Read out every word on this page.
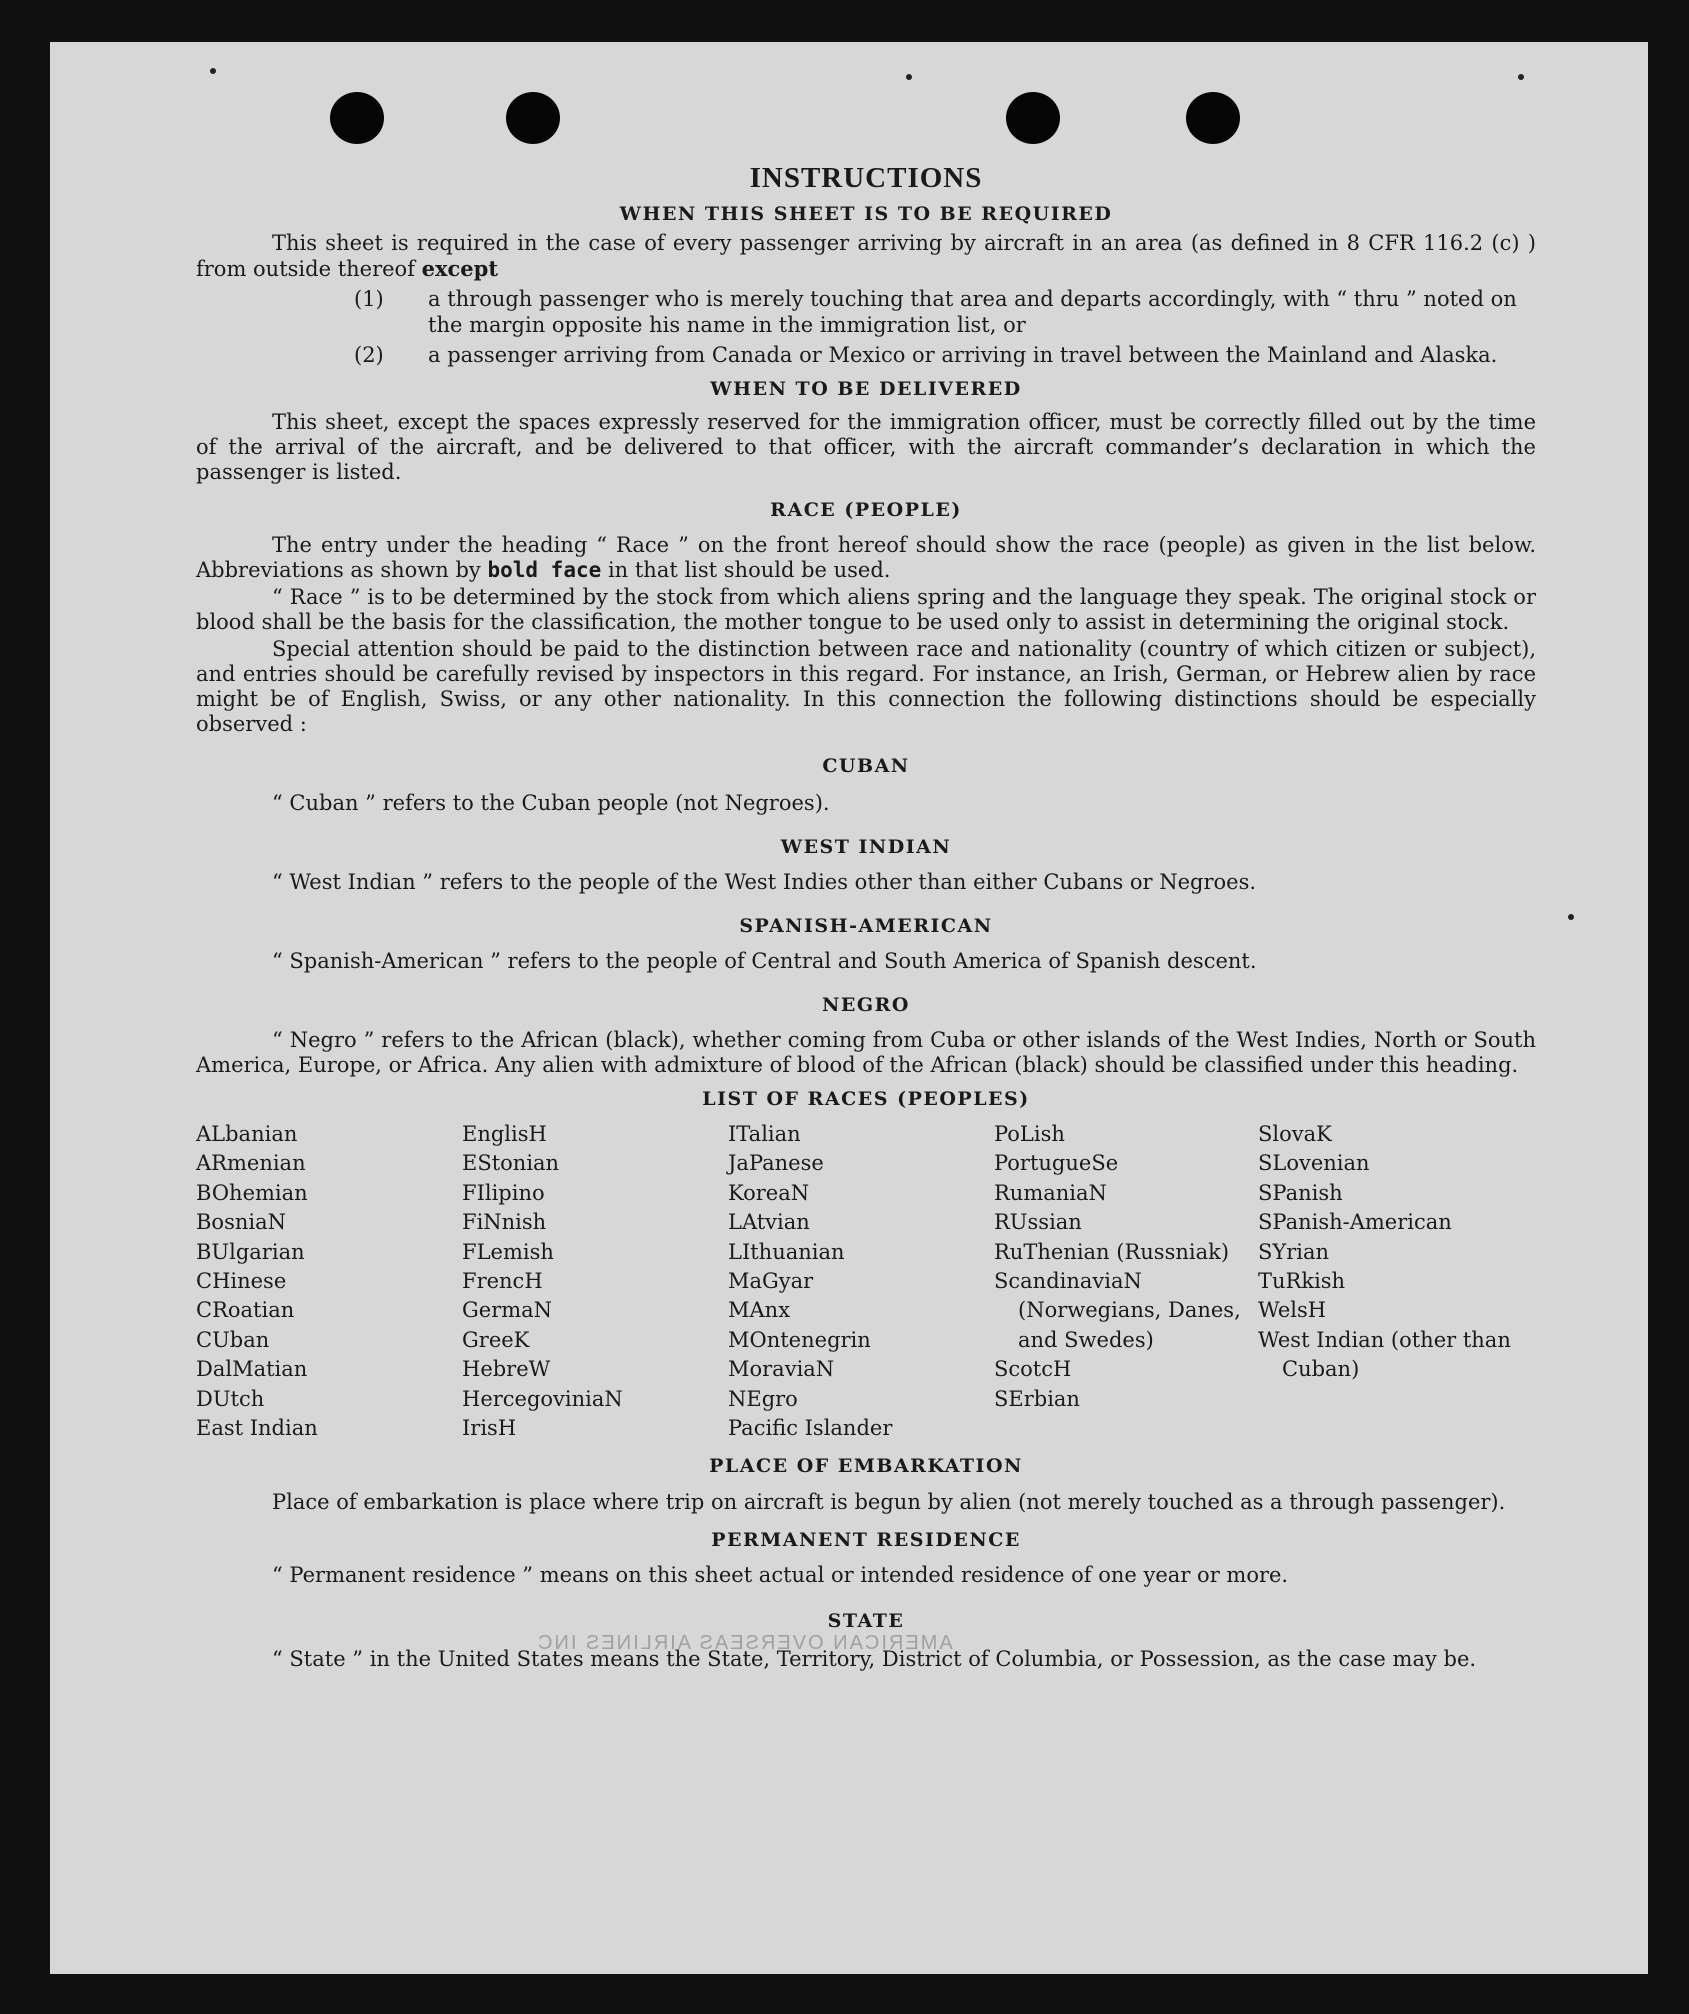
AMERICAN OVERSEAS AIRLINES INC
INSTRUCTIONS
WHEN THIS SHEET IS TO BE REQUIRED

This sheet is required in the case of every passenger arriving by aircraft in an area (as defined in 8 CFR 116.2 (c) ) from outside thereof except

(1) a through passenger who is merely touching that area and departs accordingly, with “ thru ” noted on the margin opposite his name in the immigration list, or
(2) a passenger arriving from Canada or Mexico or arriving in travel between the Mainland and Alaska.
WHEN TO BE DELIVERED

This sheet, except the spaces expressly reserved for the immigration officer, must be correctly filled out by the time of the arrival of the aircraft, and be delivered to that officer, with the aircraft commander’s declaration in which the passenger is listed.

RACE (PEOPLE)

The entry under the heading “ Race ” on the front hereof should show the race (people) as given in the list below. Abbreviations as shown by bold face in that list should be used.

“ Race ” is to be determined by the stock from which aliens spring and the language they speak. The original stock or blood shall be the basis for the classification, the mother tongue to be used only to assist in determining the original stock.

Special attention should be paid to the distinction between race and nationality (country of which citizen or subject), and entries should be carefully revised by inspectors in this regard. For instance, an Irish, German, or Hebrew alien by race might be of English, Swiss, or any other nationality. In this connection the following distinctions should be especially observed :

CUBAN

“ Cuban ” refers to the Cuban people (not Negroes).

WEST INDIAN

“ West Indian ” refers to the people of the West Indies other than either Cubans or Negroes.

SPANISH-AMERICAN

“ Spanish-American ” refers to the people of Central and South America of Spanish descent.

NEGRO

“ Negro ” refers to the African (black), whether coming from Cuba or other islands of the West Indies, North or South America, Europe, or Africa. Any alien with admixture of blood of the African (black) should be classified under this heading.

LIST OF RACES (PEOPLES)
ALbanian
ARmenian
BOhemian
BosniaN
BUlgarian
CHinese
CRoatian
CUban
DalMatian
DUtch
East Indian
EnglisH
EStonian
FIlipino
FiNnish
FLemish
FrencH
GermaN
GreeK
HebreW
HercegoviniaN
IrisH
ITalian
JaPanese
KoreaN
LAtvian
LIthuanian
MaGyar
MAnx
MOntenegrin
MoraviaN
NEgro
Pacific Islander
PoLish
PortugueSe
RumaniaN
RUssian
RuThenian (Russniak)
ScandinaviaN (Norwegians, Danes, and Swedes)
ScotcH
SErbian
SlovaK
SLovenian
SPanish
SPanish-American
SYrian
TuRkish
WelsH
West Indian (other than Cuban)
PLACE OF EMBARKATION

Place of embarkation is place where trip on aircraft is begun by alien (not merely touched as a through passenger).

PERMANENT RESIDENCE

“ Permanent residence ” means on this sheet actual or intended residence of one year or more.

STATE

“ State ” in the United States means the State, Territory, District of Columbia, or Possession, as the case may be.
